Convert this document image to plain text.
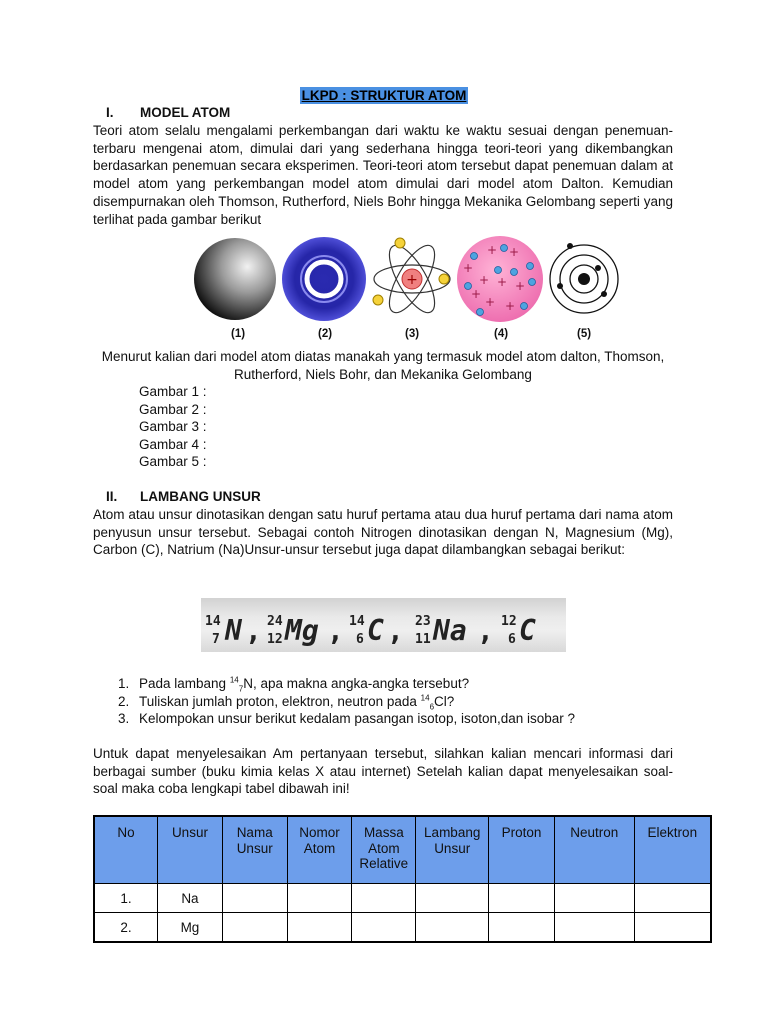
LKPD : STRUKTUR ATOM
I. MODEL ATOM
Teori atom selalu mengalami perkembangan dari waktu ke waktu sesuai dengan penemuan-terbaru mengenai atom, dimulai dari yang sederhana hingga teori-teori yang dikembangkan berdasarkan penemuan secara eksperimen. Teori-teori atom tersebut dapat penemuan dalam at model atom yang perkembangan model atom dimulai dari model atom Dalton. Kemudian disempurnakan oleh Thomson, Rutherford, Niels Bohr hingga Mekanika Gelombang seperti yang terlihat pada gambar berikut
+
+ +
+
+ + +
+ +
+
(1)	(2)	(3)	(4)	(5)
Menurut kalian dari model atom diatas manakah yang termasuk model atom dalton, Thomson, Rutherford, Niels Bohr, dan Mekanika Gelombang
Gambar 1 :
Gambar 2 :
Gambar 3 :
Gambar 4 :
Gambar 5 :
II. LAMBANG UNSUR
Atom atau unsur dinotasikan dengan satu huruf pertama atau dua huruf pertama dari nama atom penyusun unsur tersebut. Sebagai contoh Nitrogen dinotasikan dengan N, Magnesium (Mg), Carbon (C), Natrium (Na)Unsur-unsur tersebut juga dapat dilambangkan sebagai berikut:
14
7 N , 24
12 Mg , 14
6 C , 23
11 Na , 12
6 C
1. Pada lambang $^{14}_7$N, apa makna angka-angka tersebut?
2. Tuliskan jumlah proton, elektron, neutron pada $^{14}_6$Cl?
3. Kelompokan unsur berikut kedalam pasangan isotop, isoton,dan isobar ?
Untuk dapat menyelesaikan Am pertanyaan tersebut, silahkan kalian mencari informasi dari berbagai sumber (buku kimia kelas X atau internet) Setelah kalian dapat menyelesaikan soal-soal maka coba lengkapi tabel dibawah ini!
No	Unsur	Nama Unsur	Nomor Atom	Massa Atom Relative	Lambang Unsur	Proton	Neutron	Elektron
1.	Na							
2.	Mg							
